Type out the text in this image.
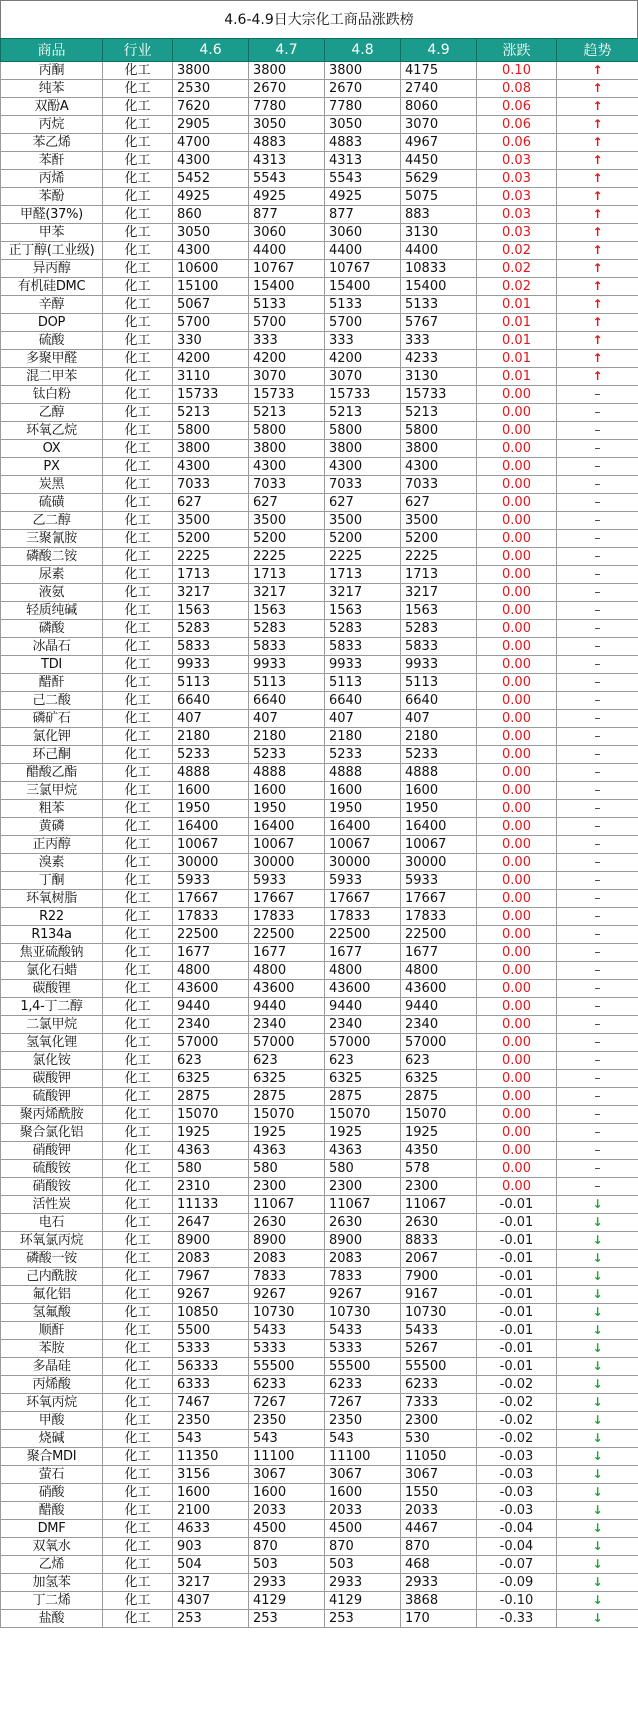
4.6-4.9日大宗化工商品涨跌榜
商品	行业	4.6	4.7	4.8	4.9	涨跌	趋势
丙酮	化工	3800	3800	3800	4175	0.10	↑
纯苯	化工	2530	2670	2670	2740	0.08	↑
双酚A	化工	7620	7780	7780	8060	0.06	↑
丙烷	化工	2905	3050	3050	3070	0.06	↑
苯乙烯	化工	4700	4883	4883	4967	0.06	↑
苯酐	化工	4300	4313	4313	4450	0.03	↑
丙烯	化工	5452	5543	5543	5629	0.03	↑
苯酚	化工	4925	4925	4925	5075	0.03	↑
甲醛(37%)	化工	860	877	877	883	0.03	↑
甲苯	化工	3050	3060	3060	3130	0.03	↑
正丁醇(工业级)	化工	4300	4400	4400	4400	0.02	↑
异丙醇	化工	10600	10767	10767	10833	0.02	↑
有机硅DMC	化工	15100	15400	15400	15400	0.02	↑
辛醇	化工	5067	5133	5133	5133	0.01	↑
DOP	化工	5700	5700	5700	5767	0.01	↑
硫酸	化工	330	333	333	333	0.01	↑
多聚甲醛	化工	4200	4200	4200	4233	0.01	↑
混二甲苯	化工	3110	3070	3070	3130	0.01	↑
钛白粉	化工	15733	15733	15733	15733	0.00	–
乙醇	化工	5213	5213	5213	5213	0.00	–
环氧乙烷	化工	5800	5800	5800	5800	0.00	–
OX	化工	3800	3800	3800	3800	0.00	–
PX	化工	4300	4300	4300	4300	0.00	–
炭黑	化工	7033	7033	7033	7033	0.00	–
硫磺	化工	627	627	627	627	0.00	–
乙二醇	化工	3500	3500	3500	3500	0.00	–
三聚氰胺	化工	5200	5200	5200	5200	0.00	–
磷酸二铵	化工	2225	2225	2225	2225	0.00	–
尿素	化工	1713	1713	1713	1713	0.00	–
液氨	化工	3217	3217	3217	3217	0.00	–
轻质纯碱	化工	1563	1563	1563	1563	0.00	–
磷酸	化工	5283	5283	5283	5283	0.00	–
冰晶石	化工	5833	5833	5833	5833	0.00	–
TDI	化工	9933	9933	9933	9933	0.00	–
醋酐	化工	5113	5113	5113	5113	0.00	–
己二酸	化工	6640	6640	6640	6640	0.00	–
磷矿石	化工	407	407	407	407	0.00	–
氯化钾	化工	2180	2180	2180	2180	0.00	–
环己酮	化工	5233	5233	5233	5233	0.00	–
醋酸乙酯	化工	4888	4888	4888	4888	0.00	–
三氯甲烷	化工	1600	1600	1600	1600	0.00	–
粗苯	化工	1950	1950	1950	1950	0.00	–
黄磷	化工	16400	16400	16400	16400	0.00	–
正丙醇	化工	10067	10067	10067	10067	0.00	–
溴素	化工	30000	30000	30000	30000	0.00	–
丁酮	化工	5933	5933	5933	5933	0.00	–
环氧树脂	化工	17667	17667	17667	17667	0.00	–
R22	化工	17833	17833	17833	17833	0.00	–
R134a	化工	22500	22500	22500	22500	0.00	–
焦亚硫酸钠	化工	1677	1677	1677	1677	0.00	–
氯化石蜡	化工	4800	4800	4800	4800	0.00	–
碳酸锂	化工	43600	43600	43600	43600	0.00	–
1,4-丁二醇	化工	9440	9440	9440	9440	0.00	–
二氯甲烷	化工	2340	2340	2340	2340	0.00	–
氢氧化锂	化工	57000	57000	57000	57000	0.00	–
氯化铵	化工	623	623	623	623	0.00	–
碳酸钾	化工	6325	6325	6325	6325	0.00	–
硫酸钾	化工	2875	2875	2875	2875	0.00	–
聚丙烯酰胺	化工	15070	15070	15070	15070	0.00	–
聚合氯化铝	化工	1925	1925	1925	1925	0.00	–
硝酸钾	化工	4363	4363	4363	4350	0.00	–
硫酸铵	化工	580	580	580	578	0.00	–
硝酸铵	化工	2310	2300	2300	2300	0.00	–
活性炭	化工	11133	11067	11067	11067	-0.01	↓
电石	化工	2647	2630	2630	2630	-0.01	↓
环氧氯丙烷	化工	8900	8900	8900	8833	-0.01	↓
磷酸一铵	化工	2083	2083	2083	2067	-0.01	↓
己内酰胺	化工	7967	7833	7833	7900	-0.01	↓
氟化铝	化工	9267	9267	9267	9167	-0.01	↓
氢氟酸	化工	10850	10730	10730	10730	-0.01	↓
顺酐	化工	5500	5433	5433	5433	-0.01	↓
苯胺	化工	5333	5333	5333	5267	-0.01	↓
多晶硅	化工	56333	55500	55500	55500	-0.01	↓
丙烯酸	化工	6333	6233	6233	6233	-0.02	↓
环氧丙烷	化工	7467	7267	7267	7333	-0.02	↓
甲酸	化工	2350	2350	2350	2300	-0.02	↓
烧碱	化工	543	543	543	530	-0.02	↓
聚合MDI	化工	11350	11100	11100	11050	-0.03	↓
萤石	化工	3156	3067	3067	3067	-0.03	↓
硝酸	化工	1600	1600	1600	1550	-0.03	↓
醋酸	化工	2100	2033	2033	2033	-0.03	↓
DMF	化工	4633	4500	4500	4467	-0.04	↓
双氧水	化工	903	870	870	870	-0.04	↓
乙烯	化工	504	503	503	468	-0.07	↓
加氢苯	化工	3217	2933	2933	2933	-0.09	↓
丁二烯	化工	4307	4129	4129	3868	-0.10	↓
盐酸	化工	253	253	253	170	-0.33	↓
